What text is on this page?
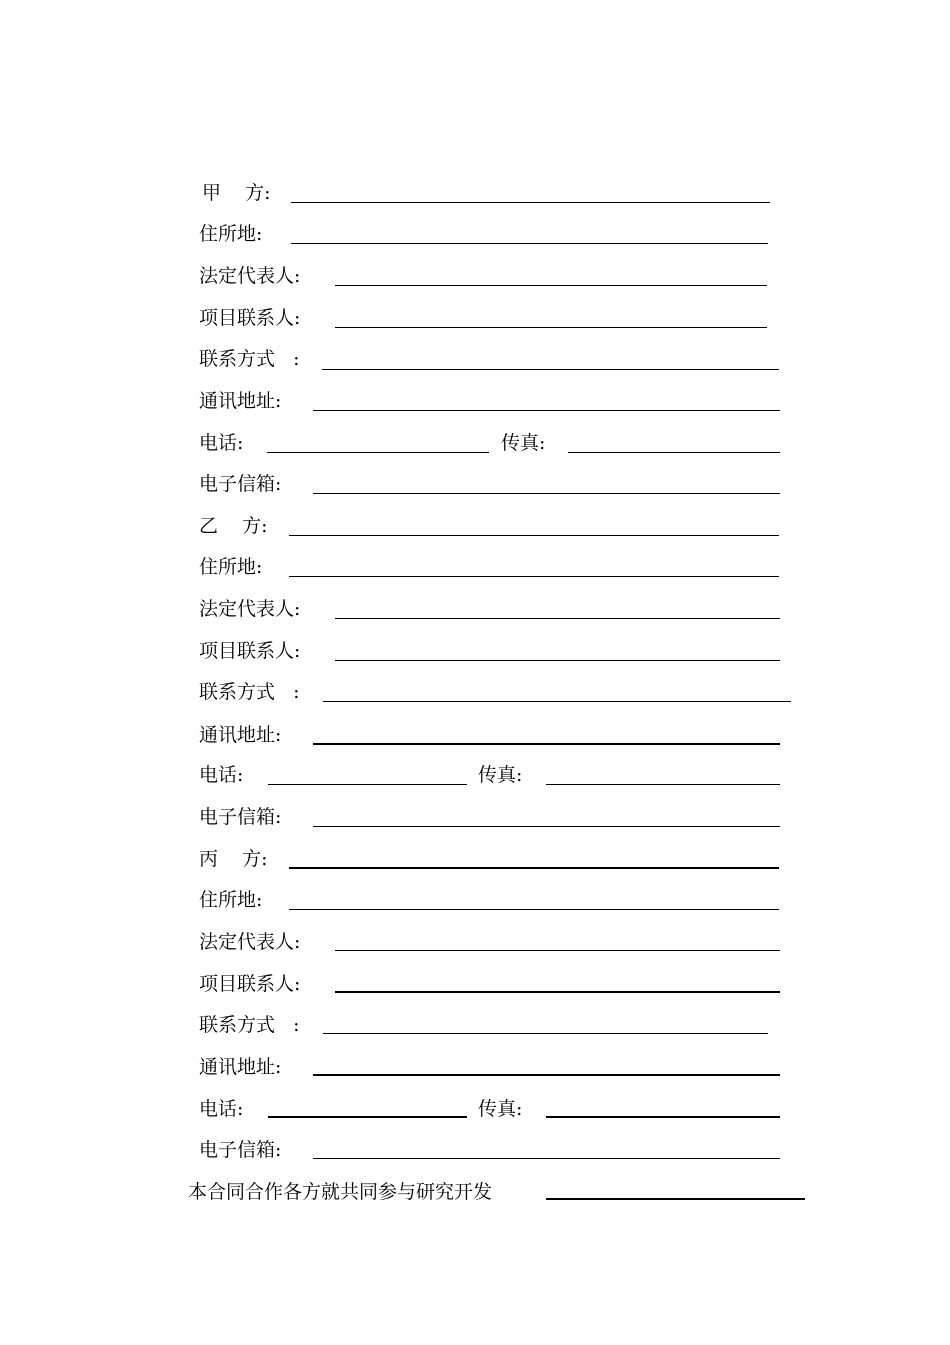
甲    方:
住所地:
法定代表人:
项目联系人:
联系方式   :
通讯地址:
电话:	传真:
电子信箱:
乙    方:
住所地:
法定代表人:
项目联系人:
联系方式   :
通讯地址:
电话:	传真:
电子信箱:
丙    方:
住所地:
法定代表人:
项目联系人:
联系方式   :
通讯地址:
电话:	传真:
电子信箱:
本合同合作各方就共同参与研究开发
